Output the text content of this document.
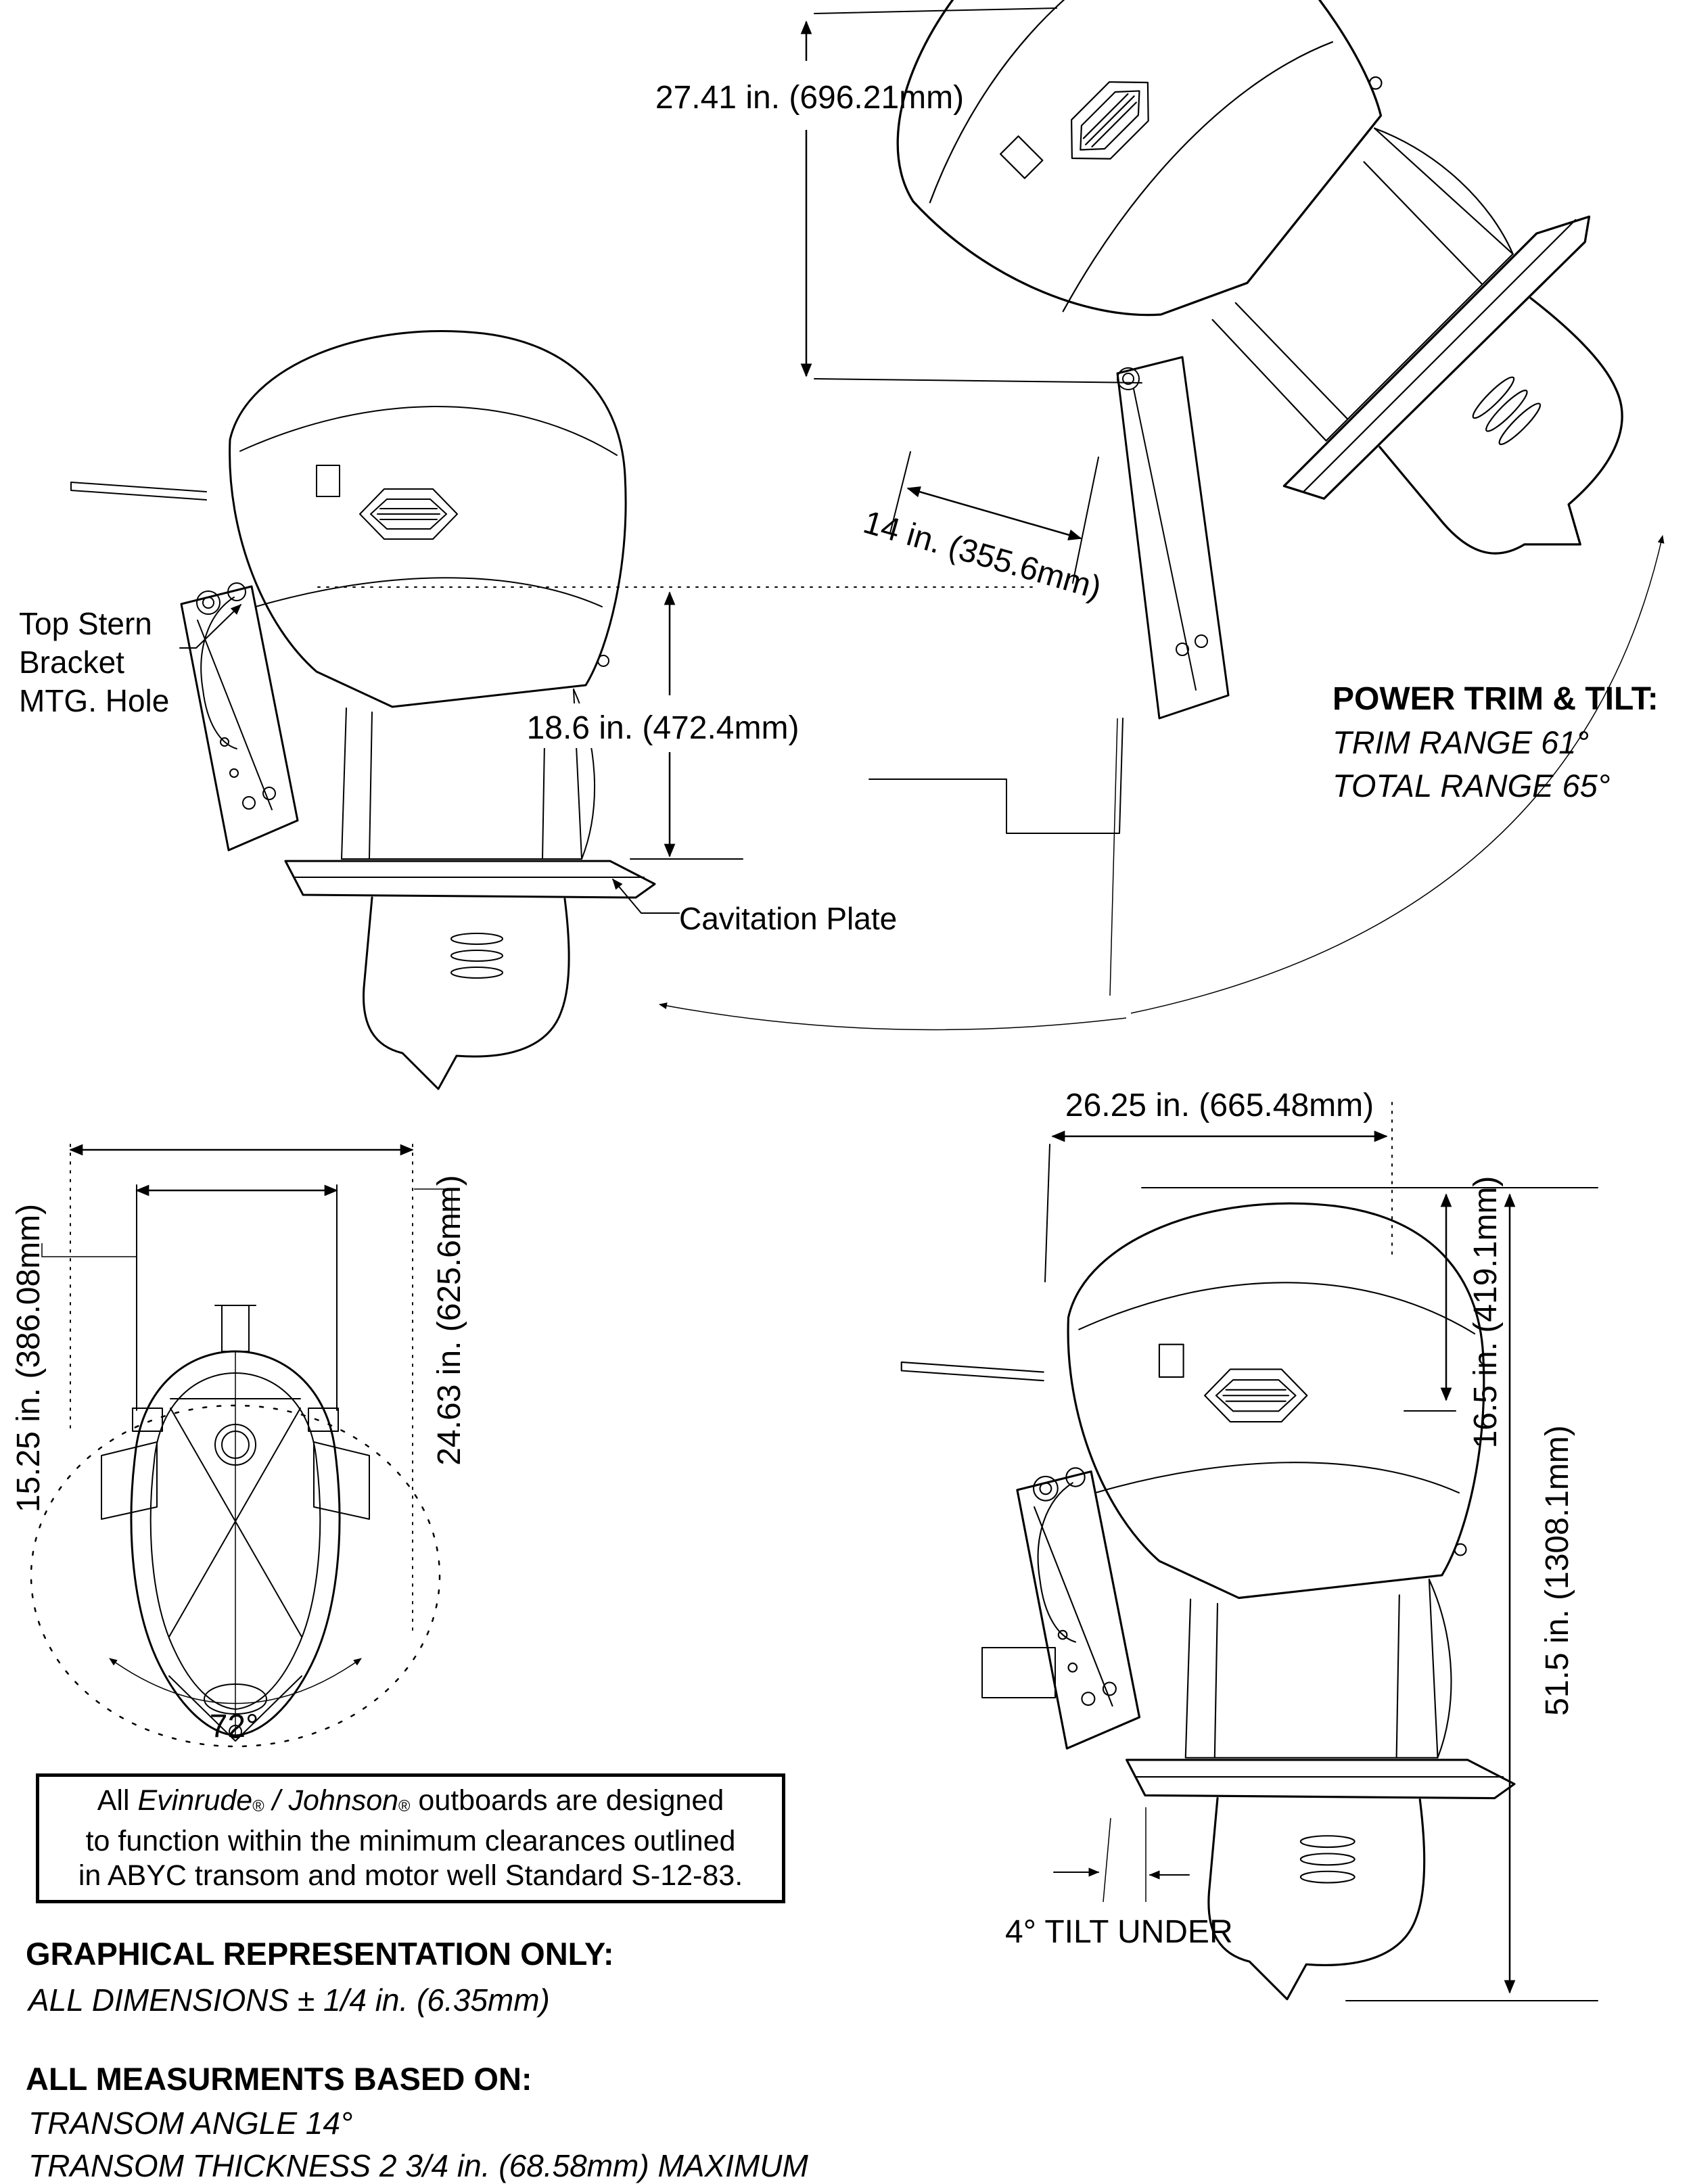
18.6 in. (472.4mm)
27.41 in. (696.21mm)
14 in. (355.6mm)
15.25 in. (386.08mm)	24.63 in. (625.6mm)
72°
26.25 in. (665.48mm)
16.5 in. (419.1mm)
51.5 in. (1308.1mm)
4° TILT UNDER
Top Stern
Bracket
MTG. Hole
Cavitation Plate
POWER TRIM & TILT:
TRIM RANGE 61°
TOTAL RANGE 65°
All Evinrude® / Johnson® outboards are designed
to function within the minimum clearances outlined
in ABYC transom and motor well Standard S-12-83.
GRAPHICAL REPRESENTATION ONLY:
ALL DIMENSIONS ± 1/4 in. (6.35mm)
ALL MEASURMENTS BASED ON:
TRANSOM ANGLE 14°
TRANSOM THICKNESS 2 3/4 in. (68.58mm) MAXIMUM
